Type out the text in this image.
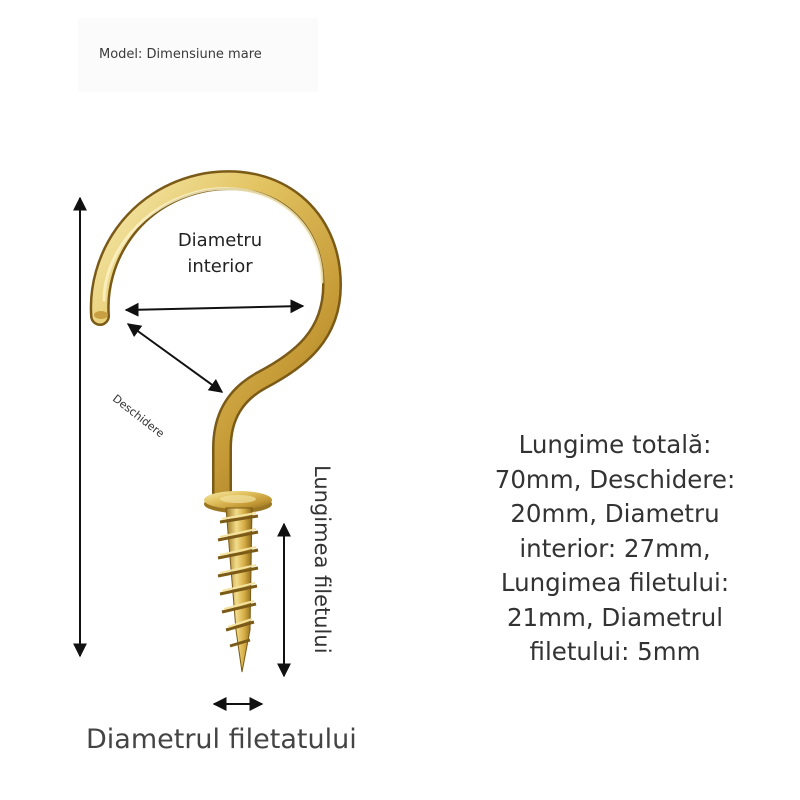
Model: Dimensiune mare
Diametru interior
Deschidere
Lungimea filetului
Diametrul filetatului
Lungime totală:
70mm, Deschidere:
20mm, Diametru
interior: 27mm,
Lungimea filetului:
21mm, Diametrul
filetului: 5mm
